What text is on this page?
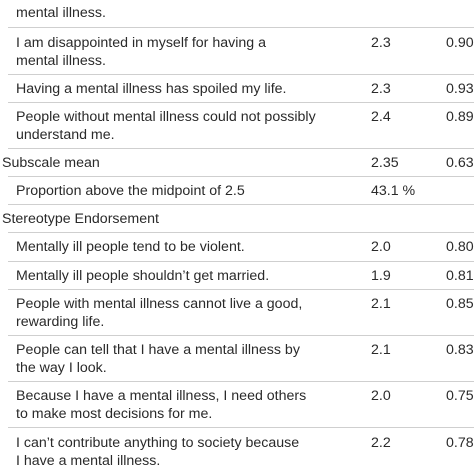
mental illness.
I am disappointed in myself for having a
mental illness.
2.3	0.90
Having a mental illness has spoiled my life.	2.3	0.93
People without mental illness could not possibly
understand me.
2.4	0.89
Subscale mean	2.35	0.63
Proportion above the midpoint of 2.5	43.1 %
Stereotype Endorsement
Mentally ill people tend to be violent.	2.0	0.80
Mentally ill people shouldn’t get married.	1.9	0.81
People with mental illness cannot live a good,
rewarding life.
2.1	0.85
People can tell that I have a mental illness by
the way I look.
2.1	0.83
Because I have a mental illness, I need others
to make most decisions for me.
2.0	0.75
I can’t contribute anything to society because
I have a mental illness.
2.2	0.78
